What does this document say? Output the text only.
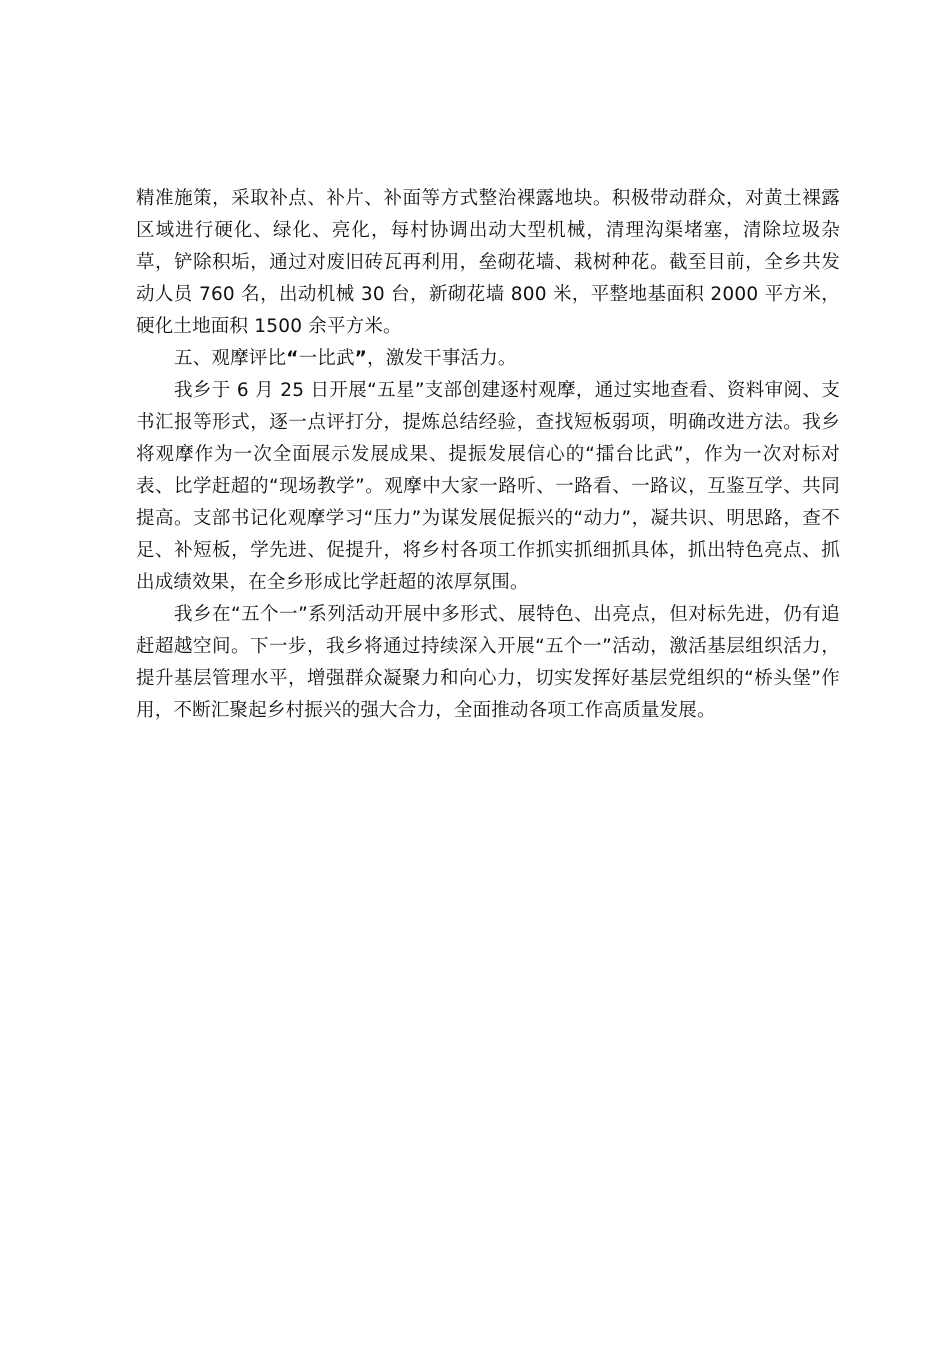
精准施策，采取补点、补片、补面等方式整治裸露地块。积极带动群众，对黄土裸露区域进行硬化、绿化、亮化，每村协调出动大型机械，清理沟渠堵塞，清除垃圾杂草，铲除积垢，通过对废旧砖瓦再利用，垒砌花墙、栽树种花。截至目前，全乡共发动人员 760 名，出动机械 30 台，新砌花墙 800 米，平整地基面积 2000 平方米，硬化土地面积 1500 余平方米。

五、观摩评比“一比武”，激发干事活力。

我乡于 6 月 25 日开展“五星”支部创建逐村观摩，通过实地查看、资料审阅、支书汇报等形式，逐一点评打分，提炼总结经验，查找短板弱项，明确改进方法。我乡将观摩作为一次全面展示发展成果、提振发展信心的“擂台比武”，作为一次对标对表、比学赶超的“现场教学”。观摩中大家一路听、一路看、一路议，互鉴互学、共同提高。支部书记化观摩学习“压力”为谋发展促振兴的“动力”，凝共识、明思路，查不足、补短板，学先进、促提升，将乡村各项工作抓实抓细抓具体，抓出特色亮点、抓出成绩效果，在全乡形成比学赶超的浓厚氛围。

我乡在“五个一”系列活动开展中多形式、展特色、出亮点，但对标先进，仍有追赶超越空间。下一步，我乡将通过持续深入开展“五个一”活动，激活基层组织活力，提升基层管理水平，增强群众凝聚力和向心力，切实发挥好基层党组织的“桥头堡”作用，不断汇聚起乡村振兴的强大合力，全面推动各项工作高质量发展。
